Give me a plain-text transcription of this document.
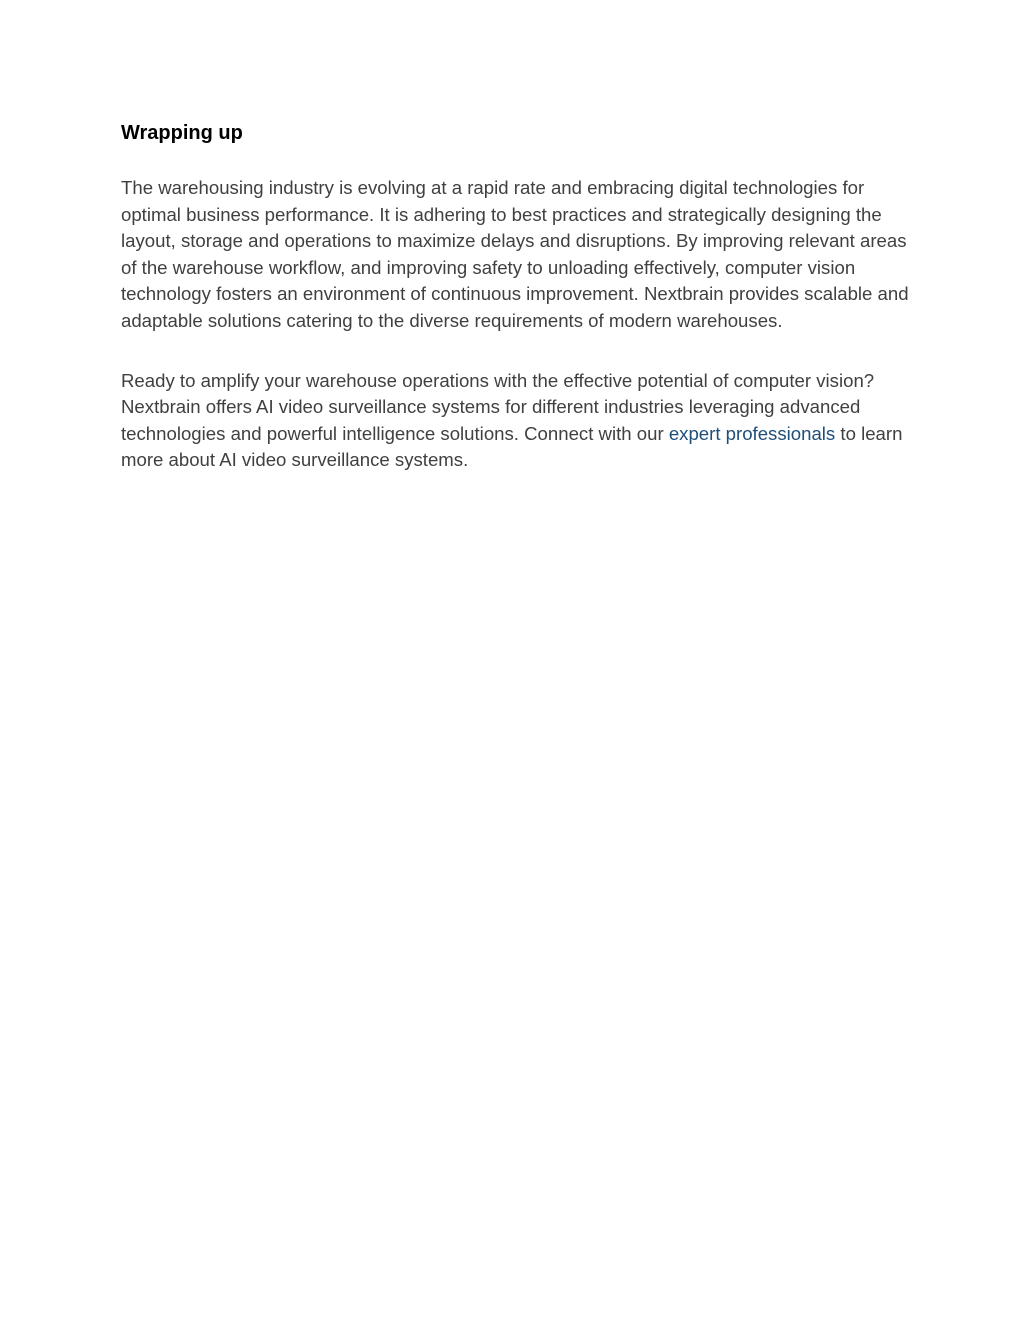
Wrapping up

The warehousing industry is evolving at a rapid rate and embracing digital technologies for optimal business performance. It is adhering to best practices and strategically designing the layout, storage and operations to maximize delays and disruptions. By improving relevant areas of the warehouse workflow, and improving safety to unloading effectively, computer vision technology fosters an environment of continuous improvement. Nextbrain provides scalable and adaptable solutions catering to the diverse requirements of modern warehouses.

Ready to amplify your warehouse operations with the effective potential of computer vision? Nextbrain offers AI video surveillance systems for different industries leveraging advanced technologies and powerful intelligence solutions. Connect with our expert professionals to learn more about AI video surveillance systems.
